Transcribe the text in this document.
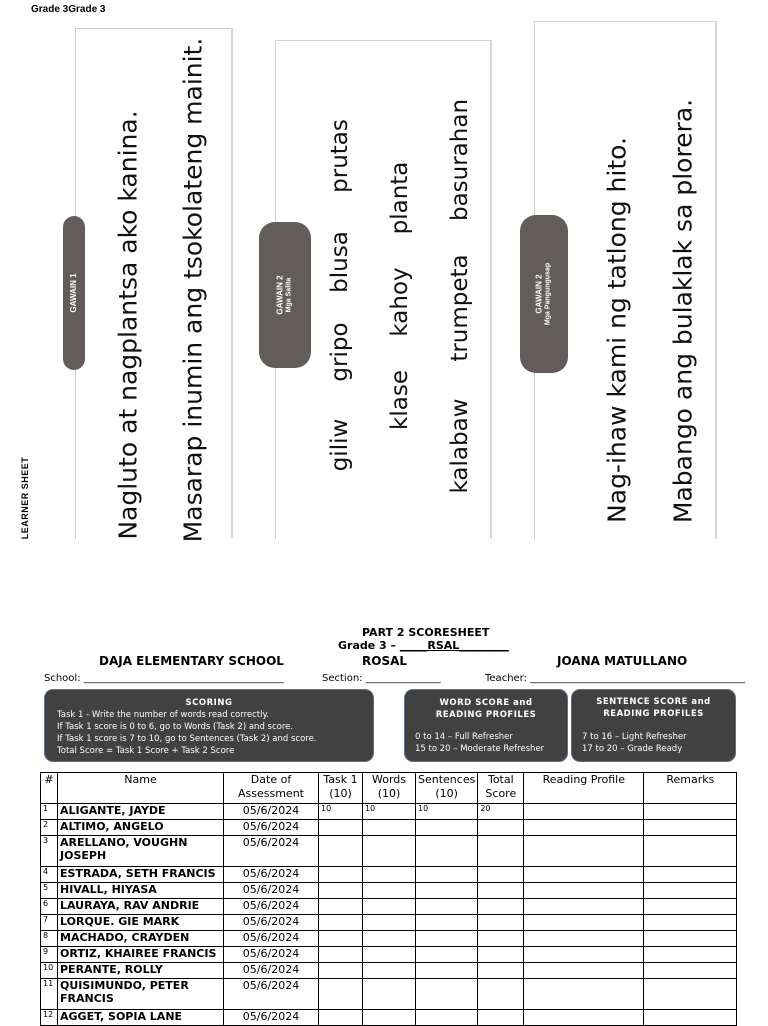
Grade 3Grade 3
LEARNER SHEET
GAWAIN 1 Nagluto at nagplantsa ako kanina. Masarap inumin ang tsokolateng mainit.	GAWAIN 2 Mga Salita
giliw
gripo
blusa
prutas
klase
kahoy
planta
kalabaw
trumpeta
basurahan
GAWAIN 2 Mga Pangungusap Nag-ihaw kami ng tatlong hito. Mabango ang bulaklak sa plorera.
PART 2 SCORESHEET
Grade 3 – _____RSAL_________
DAJA ELEMENTARY SCHOOL	ROSAL	JOANA MATULLANO
School: ________________________________________	Section: _______________	Teacher: ___________________________________________
SCORING
Task 1 - Write the number of words read correctly.
If Task 1 score is 0 to 6, go to Words (Task 2) and score.
If Task 1 score is 7 to 10, go to Sentences (Task 2) and score.
Total Score = Task 1 Score + Task 2 Score
WORD SCORE and
READING PROFILES
0 to 14 – Full Refresher
15 to 20 – Moderate Refresher
SENTENCE SCORE and
READING PROFILES
7 to 16 – Light Refresher
17 to 20 – Grade Ready
#	Name	Date of Assessment	Task 1 (10)	Words (10)	Sentences (10)	Total Score	Reading Profile	Remarks
1	ALIGANTE, JAYDE	05/6/2024	10	10	10	20		
2	ALTIMO, ANGELO	05/6/2024						
3	ARELLANO, VOUGHN JOSEPH	05/6/2024						
4	ESTRADA, SETH FRANCIS	05/6/2024						
5	HIVALL, HIYASA	05/6/2024						
6	LAURAYA, RAV ANDRIE	05/6/2024						
7	LORQUE. GIE MARK	05/6/2024						
8	MACHADO, CRAYDEN	05/6/2024						
9	ORTIZ, KHAIREE FRANCIS	05/6/2024						
10	PERANTE, ROLLY	05/6/2024						
11	QUISIMUNDO, PETER FRANCIS	05/6/2024						
12	AGGET, SOPIA LANE	05/6/2024						
